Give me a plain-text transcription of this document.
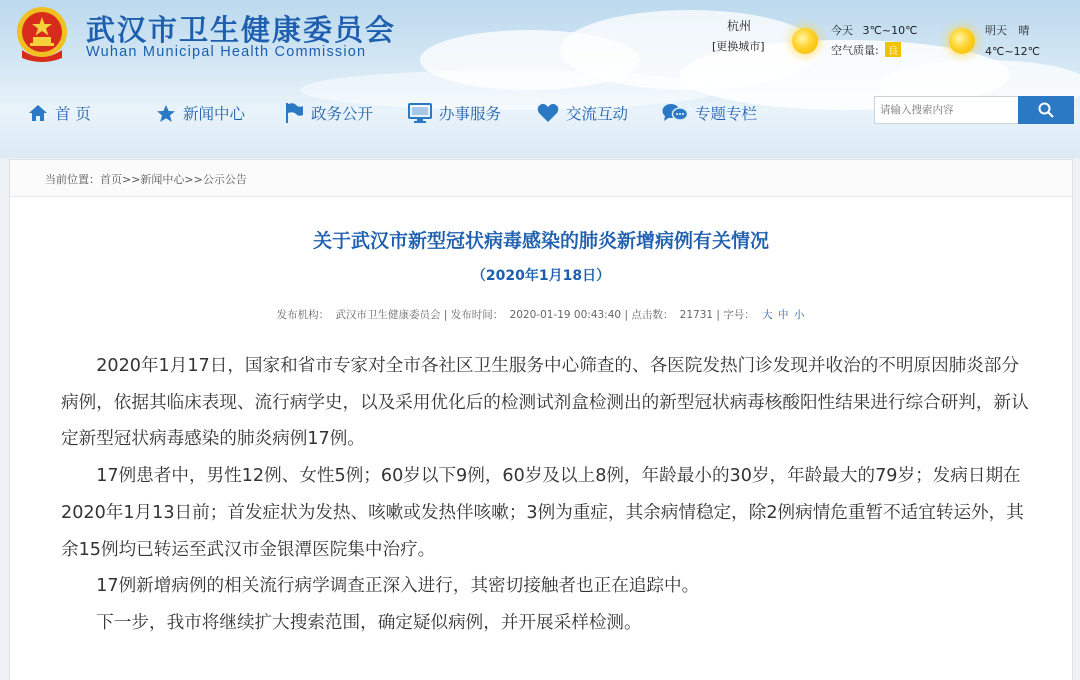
武汉市卫生健康委员会
Wuhan Municipal Health Commission
杭州
[更换城市]
今天 3℃~10℃
空气质量: 良
明天 晴
4℃~12℃
首 页	新闻中心	政务公开	办事服务	交流互动	专题专栏
请输入搜索内容
当前位置：首页>>新闻中心>>公示公告
关于武汉市新型冠状病毒感染的肺炎新增病例有关情况
（2020年1月18日）
发布机构： 武汉市卫生健康委员会 | 发布时间： 2020-01-19 00:43:40 | 点击数： 21731 | 字号： 大 中 小

2020年1月17日，国家和省市专家对全市各社区卫生服务中心筛查的、各医院发热门诊发现并收治的不明原因肺炎部分病例，依据其临床表现、流行病学史，以及采用优化后的检测试剂盒检测出的新型冠状病毒核酸阳性结果进行综合研判，新认定新型冠状病毒感染的肺炎病例17例。

17例患者中，男性12例、女性5例；60岁以下9例，60岁及以上8例，年龄最小的30岁，年龄最大的79岁；发病日期在2020年1月13日前；首发症状为发热、咳嗽或发热伴咳嗽；3例为重症，其余病情稳定，除2例病情危重暂不适宜转运外，其余15例均已转运至武汉市金银潭医院集中治疗。

17例新增病例的相关流行病学调查正深入进行，其密切接触者也正在追踪中。

下一步，我市将继续扩大搜索范围，确定疑似病例，并开展采样检测。
